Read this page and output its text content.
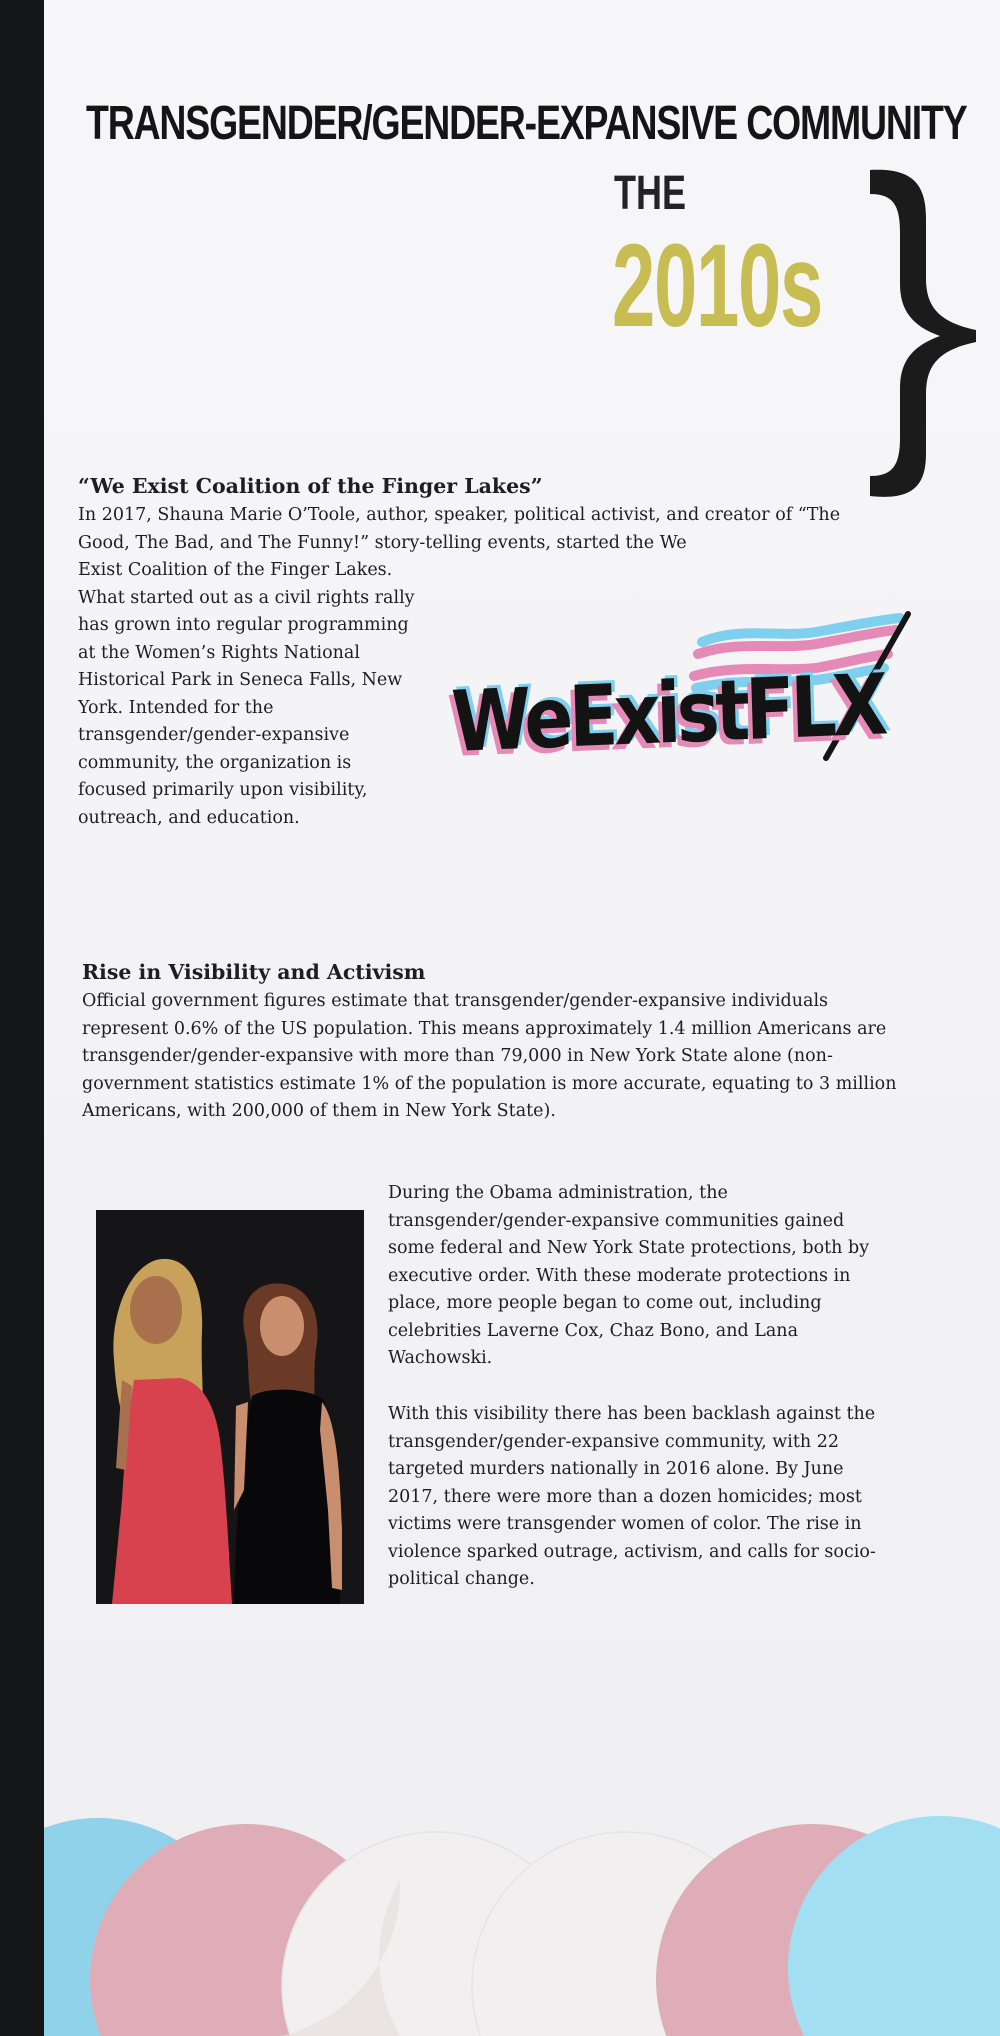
TRANSGENDER/GENDER-EXPANSIVE COMMUNITY
THE
2010s
“We Exist Coalition of the Finger Lakes”

In 2017, Shauna Marie O’Toole, author, speaker, political activist, and creator of “The Good, The Bad, and The Funny!” story-telling events, started the We

Exist Coalition of the Finger Lakes. What started out as a civil rights rally has grown into regular programming at the Women’s Rights National Historical Park in Seneca Falls, New York. Intended for the transgender/gender-expansive community, the organization is focused primarily upon visibility, outreach, and education.

WeExistFLX
Rise in Visibility and Activism

Official government figures estimate that transgender/gender-expansive individuals represent 0.6% of the US population. This means approximately 1.4 million Americans are transgender/gender-expansive with more than 79,000 in New York State alone (non-government statistics estimate 1% of the population is more accurate, equating to 3 million Americans, with 200,000 of them in New York State).

During the Obama administration, the transgender/gender-expansive communities gained some federal and New York State protections, both by executive order. With these moderate protections in place, more people began to come out, including celebrities Laverne Cox, Chaz Bono, and Lana Wachowski.

With this visibility there has been backlash against the transgender/gender-expansive community, with 22 targeted murders nationally in 2016 alone. By June 2017, there were more than a dozen homicides; most victims were transgender women of color. The rise in violence sparked outrage, activism, and calls for socio-political change.
